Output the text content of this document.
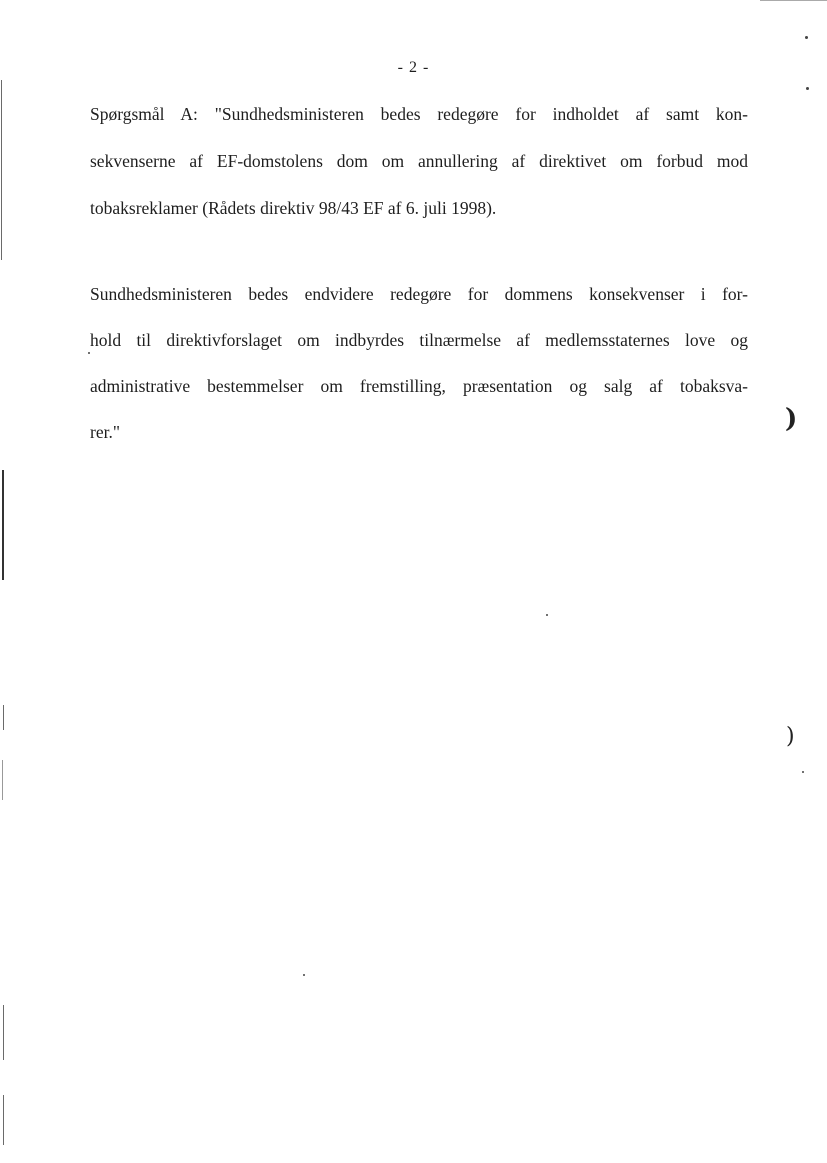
- 2 -
Spørgsmål A: "Sundhedsministeren bedes redegøre for indholdet af samt kon-
sekvenserne af EF-domstolens dom om annullering af direktivet om forbud mod
tobaksreklamer (Rådets direktiv 98/43 EF af 6. juli 1998).
Sundhedsministeren bedes endvidere redegøre for dommens konsekvenser i for-
hold til direktivforslaget om indbyrdes tilnærmelse af medlemsstaternes love og
administrative bestemmelser om fremstilling, præsentation og salg af tobaksva-
rer."	)
)
